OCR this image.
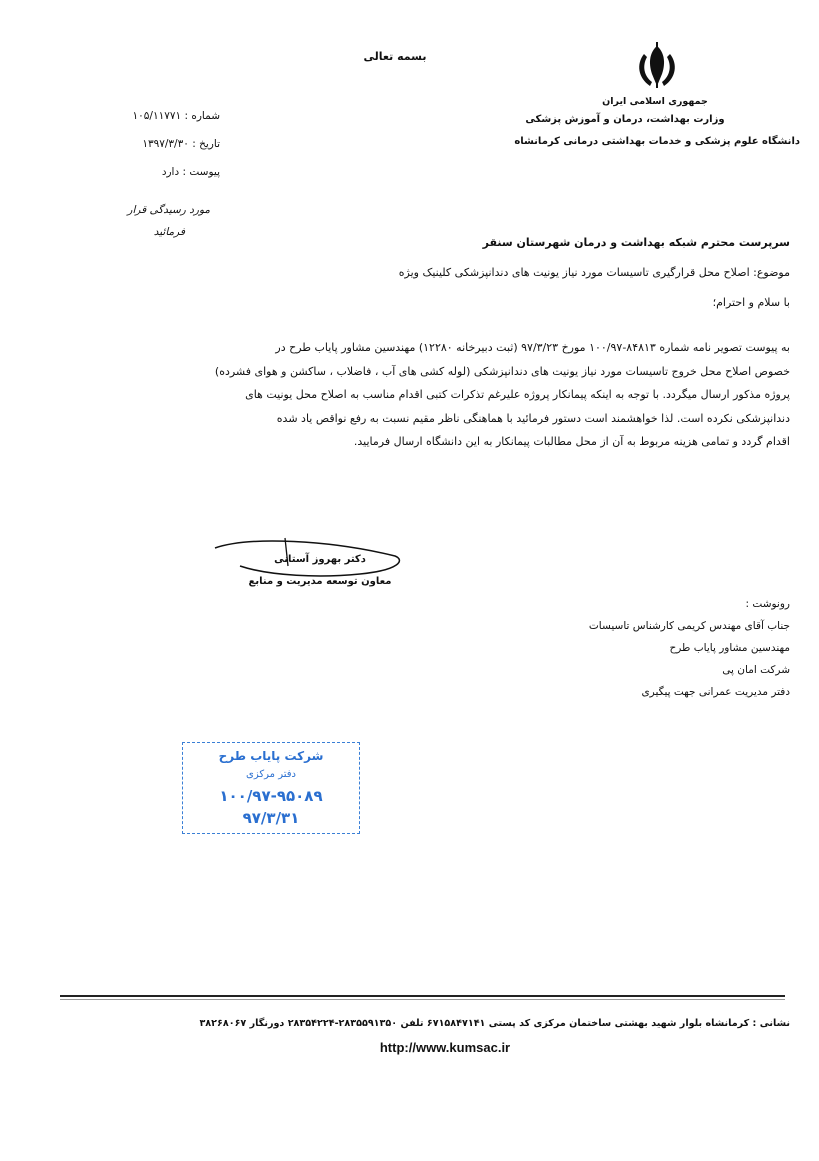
بسمه تعالی
جمهوری اسلامی ایران
وزارت بهداشت، درمان و آموزش پزشکی
دانشگاه علوم پزشکی و خدمات بهداشتی درمانی کرمانشاه
شماره : ۱۰۵/۱۱۷۷۱
تاریخ : ۱۳۹۷/۳/۳۰
پیوست : دارد
مورد رسیدگی قرار
فرمائید
سرپرست محترم شبکه بهداشت و درمان شهرستان سنقر
موضوع: اصلاح محل قرارگیری تاسیسات مورد نیاز یونیت های دندانپزشکی کلینیک ویژه
با سلام و احترام؛
به پیوست تصویر نامه شماره ۸۴۸۱۳-۱۰۰/۹۷ مورخ ۹۷/۳/۲۳ (ثبت دبیرخانه ۱۲۲۸۰) مهندسین مشاور پایاب طرح در
خصوص اصلاح محل خروج تاسیسات مورد نیاز یونیت های دندانپزشکی (لوله کشی های آب ، فاضلاب ، ساکشن و هوای فشرده)
پروژه مذکور ارسال میگردد. با توجه به اینکه پیمانکار پروژه علیرغم تذکرات کتبی اقدام مناسب به اصلاح محل یونیت های
دندانپزشکی نکرده است. لذا خواهشمند است دستور فرمائید با هماهنگی ناظر مقیم نسبت به رفع نواقص یاد شده
اقدام گردد و تمامی هزینه مربوط به آن از محل مطالبات پیمانکار به این دانشگاه ارسال فرمایید.
دکتر بهروز آستانی
معاون توسعه مدیریت و منابع
رونوشت :
جناب آقای مهندس کریمی کارشناس تاسیسات
مهندسین مشاور پایاب طرح
شرکت امان پی
دفتر مدیریت عمرانی جهت پیگیری
شرکت پایاب طرح
دفتر مرکزی
۱۰۰/۹۷-۹۵۰۸۹
۹۷/۳/۳۱
نشانی : کرمانشاه بلوار شهید بهشتی ساختمان مرکزی کد پستی ۶۷۱۵۸۴۷۱۴۱ تلفن ۲۸۳۵۵۹۱۳۵۰-۲۸۳۵۴۲۲۴ دورنگار ۳۸۲۶۸۰۶۷
http://www.kumsac.ir
